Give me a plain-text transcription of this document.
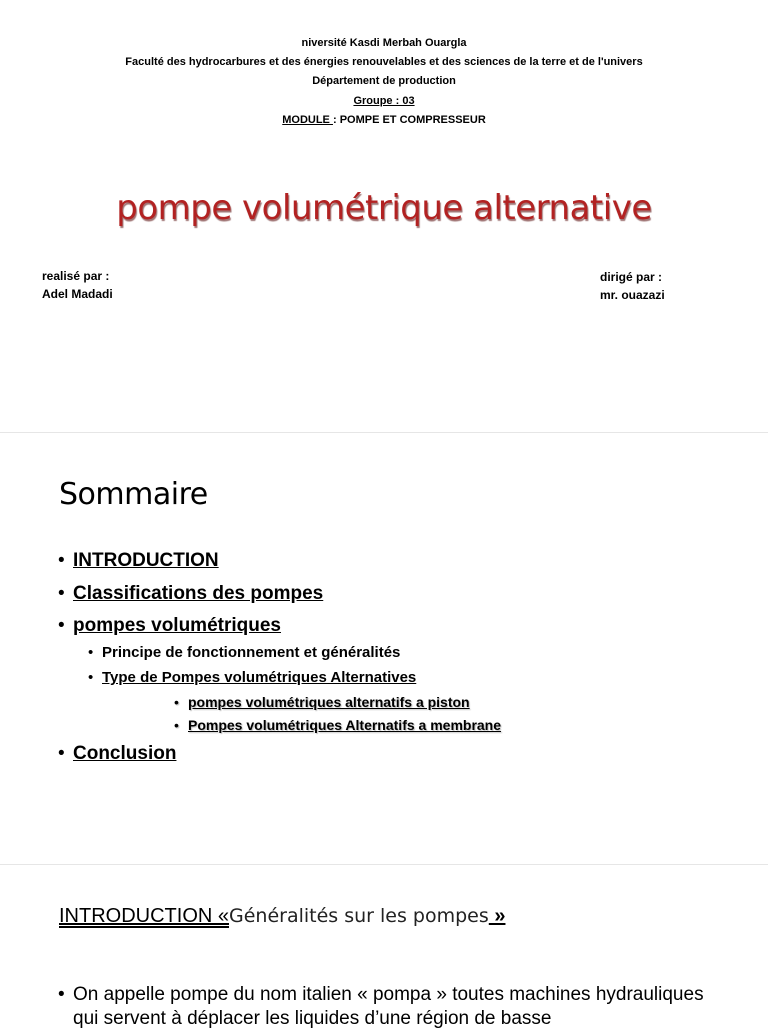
niversité Kasdi Merbah Ouargla

Faculté des hydrocarbures et des énergies renouvelables et des sciences de la terre et de l'univers

Département de production

Groupe : 03

MODULE : POMPE ET COMPRESSEUR

pompe volumétrique alternative
realisé par :
Adel Madadi
dirigé par :
mr. ouazazi
Sommaire
• INTRODUCTION
• Classifications des pompes
• pompes volumétriques
• Principe de fonctionnement et généralités
• Type de Pompes volumétriques Alternatives
• pompes volumétriques alternatifs a piston
• Pompes volumétriques Alternatifs a membrane
• Conclusion
INTRODUCTION «Généralités sur les pompes »

• On appelle pompe du nom italien « pompa » toutes machines hydrauliques qui servent à déplacer les liquides d’une région de basse
